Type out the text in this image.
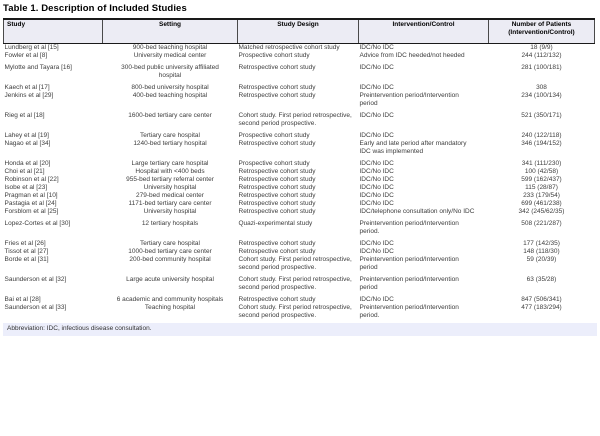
Table 1. Description of Included Studies
Study	Setting	Study Design	Intervention/Control	Number of Patients (Intervention/Control)
Lundberg et al [15]	900-bed teaching hospital	Matched retrospective cohort study	IDC/No IDC	18 (9/9)
Fowler et al [8]	University medical center	Prospective cohort study	Advice from IDC heeded/not heeded	244 (112/132)
Mylotte and Tayara [16]	300-bed public university affiliated hospital	Retrospective cohort study	IDC/No IDC	281 (100/181)
Kaech et al [17]	800-bed university hospital	Retrospective cohort study	IDC/No IDC	308
Jenkins et al [29]	400-bed teaching hospital	Retrospective cohort study	Preintervention period/Intervention period	234 (100/134)
Rieg et al [18]	1600-bed tertiary care center	Cohort study. First period retrospective, second period prospective.	IDC/No IDC	521 (350/171)
Lahey et al [19]	Tertiary care hospital	Prospective cohort study	IDC/No IDC	240 (122/118)
Nagao et al [34]	1240-bed tertiary hospital	Retrospective cohort study	Early and late period after mandatory IDC was implemented	346 (194/152)
Honda et al [20]	Large tertiary care hospital	Prospective cohort study	IDC/No IDC	341 (111/230)
Choi et al [21]	Hospital with <400 beds	Retrospective cohort study	IDC/No IDC	100 (42/58)
Robinson et al [22]	955-bed tertiary referral center	Retrospective cohort study	IDC/No IDC	599 (162/437)
Isobe et al [23]	University hospital	Retrospective cohort study	IDC/No IDC	115 (28/87)
Pragman et al [10]	279-bed medical center	Retrospective cohort study	IDC/No IDC	233 (179/54)
Pastagia et al [24]	1171-bed tertiary care center	Retrospective cohort study	IDC/No IDC	699 (461/238)
Forsblom et al [25]	University hospital	Retrospective cohort study	IDC/telephone consultation only/No IDC	342 (245/62/35)
Lopez-Cortes et al [30]	12 tertiary hospitals	Quazi-experimental study	Preintervention period/Intervention period.	508 (221/287)
Fries et al [26]	Tertiary care hospital	Retrospective cohort study	IDC/No IDC	177 (142/35)
Tissot et al [27]	1000-bed tertiary care center	Retrospective cohort study	IDC/No IDC	148 (118/30)
Borde et al [31]	200-bed community hospital	Cohort study. First period retrospective, second period prospective.	Preintervention period/Intervention period	59 (20/39)
Saunderson et al [32]	Large acute university hospital	Cohort study. First period retrospective, second period prospective.	Preintervention period/Intervention period	63 (35/28)
Bai et al [28]	6 academic and community hospitals	Retrospective cohort study	IDC/No IDC	847 (506/341)
Saunderson et al [33]	Teaching hospital	Cohort study. First period retrospective, second period prospective.	Preintervention period/Intervention period.	477 (183/294)
Abbreviation: IDC, infectious disease consultation.
